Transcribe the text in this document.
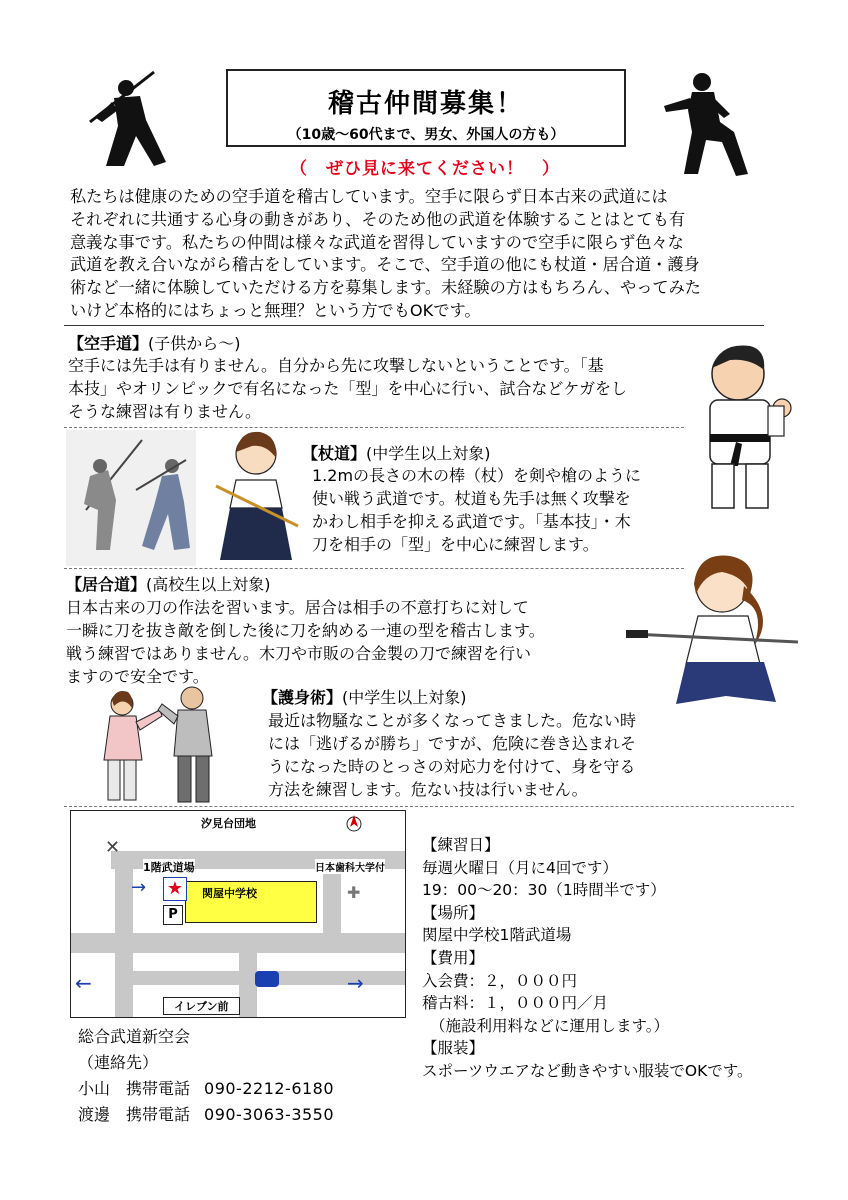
稽古仲間募集！
（10歳～60代まで、男女、外国人の方も）
（　ぜひ見に来てください！　）
私たちは健康のための空手道を稽古しています。空手に限らず日本古来の武道には
それぞれに共通する心身の動きがあり、そのため他の武道を体験することはとても有
意義な事です。私たちの仲間は様々な武道を習得していますので空手に限らず色々な
武道を教え合いながら稽古をしています。そこで、空手道の他にも杖道・居合道・護身
術など一緒に体験していただける方を募集します。未経験の方はもちろん、やってみた
いけど本格的にはちょっと無理？という方でもOKです。
【空手道】(子供から～)
空手には先手は有りません。自分から先に攻撃しないということです。「基
本技」やオリンピックで有名になった「型」を中心に行い、試合などケガをし
そうな練習は有りません。
【杖道】(中学生以上対象)
1.2mの長さの木の棒（杖）を剣や槍のように
使い戦う武道です。杖道も先手は無く攻撃を
かわし相手を抑える武道です。「基本技」・木
刀を相手の「型」を中心に練習します。
【居合道】(高校生以上対象)
日本古来の刀の作法を習います。居合は相手の不意打ちに対して
一瞬に刀を抜き敵を倒した後に刀を納める一連の型を稽古します。
戦う練習ではありません。木刀や市販の合金製の刀で練習を行い
ますので安全です。
【護身術】(中学生以上対象)
最近は物騒なことが多くなってきました。危ない時
には「逃げるが勝ち」ですが、危険に巻き込まれそ
うになった時のとっさの対応力を付けて、身を守る
方法を練習します。危ない技は行いません。
汐見台団地
✕
1階武道場	日本歯科大学付
関屋中学校
★
→
P
✚
←	→
イレブン前
【練習日】
毎週火曜日（月に4回です）
19：00～20：30（1時間半です）
【場所】
関屋中学校1階武道場
【費用】
入会費：２，０００円
稽古料：１，０００円／月
（施設利用料などに運用します。）
【服装】
スポーツウエアなど動きやすい服装でOKです。
総合武道新空会
（連絡先）
小山　携帯電話 090-2212-6180
渡邊　携帯電話 090-3063-3550
